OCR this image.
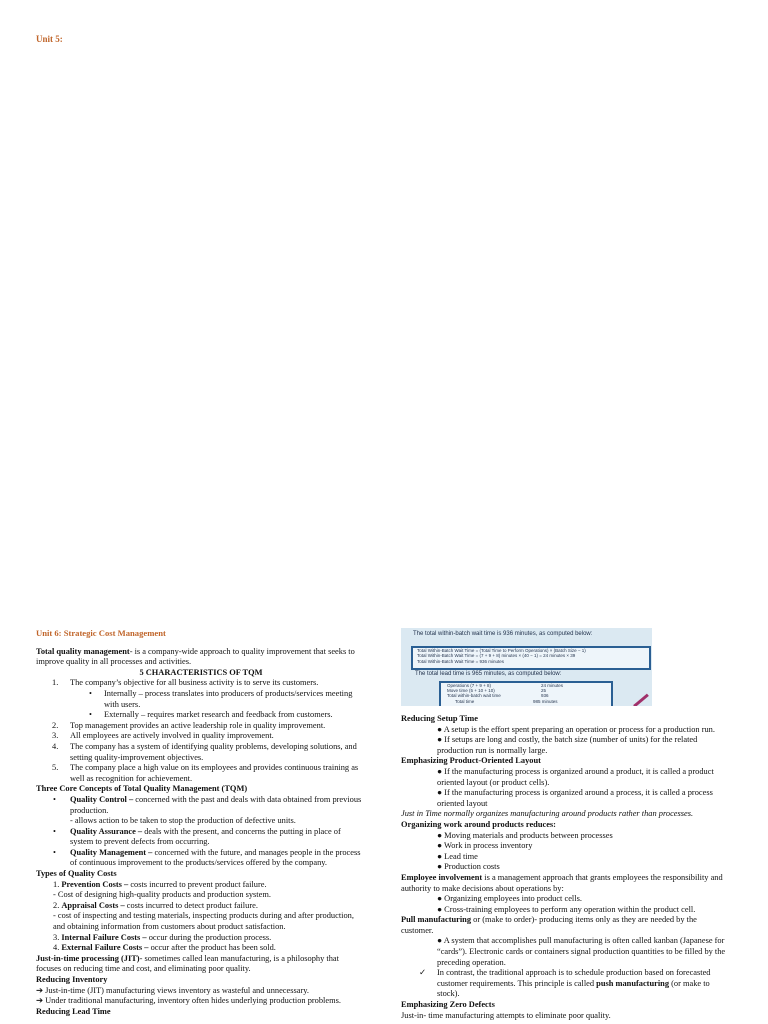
Unit 5:
Unit 6: Strategic Cost Management

Total quality management- is a company-wide approach to quality improvement that seeks to improve quality in all processes and activities.

5 CHARACTERISTICS OF TQM
1. The company’s objective for all business activity is to serve its customers.
• Internally – process translates into producers of products/services meeting with users.
• Externally – requires market research and feedback from customers.
2. Top management provides an active leadership role in quality improvement.
3. All employees are actively involved in quality improvement.
4. The company has a system of identifying quality problems, developing solutions, and setting quality-improvement objectives.
5. The company place a high value on its employees and provides continuous training as well as recognition for achievement.
Three Core Concepts of Total Quality Management (TQM)
• Quality Control – concerned with the past and deals with data obtained from previous production.
- allows action to be taken to stop the production of defective units.
• Quality Assurance – deals with the present, and concerns the putting in place of system to prevent defects from occurring.
• Quality Management – concerned with the future, and manages people in the process of continuous improvement to the products/services offered by the company.
Types of Quality Costs
1. Prevention Costs – costs incurred to prevent product failure.
- Cost of designing high-quality products and production system.
2. Appraisal Costs – costs incurred to detect product failure.
- cost of inspecting and testing materials, inspecting products during and after production, and obtaining information from customers about product satisfaction.
3. Internal Failure Costs – occur during the production process.
4. External Failure Costs – occur after the product has been sold.

Just-in-time processing (JIT)- sometimes called lean manufacturing, is a philosophy that focuses on reducing time and cost, and eliminating poor quality.

Reducing Inventory
➔ Just-in-time (JIT) manufacturing views inventory as wasteful and unnecessary.
➔ Under traditional manufacturing, inventory often hides underlying production problems.
Reducing Lead Time
The total within-batch wait time is 936 minutes, as computed below:
Total Within-Batch Wait Time = (Total Time to Perform Operations) × (Batch Size − 1)
Total Within-Batch Wait Time = (7 + 9 + 8) minutes × (40 − 1) = 24 minutes × 39
Total Within-Batch Wait Time = 936 minutes
The total lead time is 965 minutes, as computed below:
Operations (7 + 9 + 8)	24 minutes
Move time (5 + 10 + 10)	25
Total within-batch wait time	936
Total time	985 minutes
Reducing Setup Time
● A setup is the effort spent preparing an operation or process for a production run.
● If setups are long and costly, the batch size (number of units) for the related production run is normally large.
Emphasizing Product-Oriented Layout
● If the manufacturing process is organized around a product, it is called a product oriented layout (or product cells).
● If the manufacturing process is organized around a process, it is called a process oriented layout
Just in Time normally organizes manufacturing around products rather than processes.
Organizing work around products reduces:
● Moving materials and products between processes
● Work in process inventory
● Lead time
● Production costs

Employee involvement is a management approach that grants employees the responsibility and authority to make decisions about operations by:

● Organizing employees into product cells.
● Cross-training employees to perform any operation within the product cell.

Pull manufacturing or (make to order)- producing items only as they are needed by the customer.

● A system that accomplishes pull manufacturing is often called kanban (Japanese for “cards”). Electronic cards or containers signal production quantities to be filled by the preceding operation.
✓ In contrast, the traditional approach is to schedule production based on forecasted customer requirements. This principle is called push manufacturing (or make to stock).
Emphasizing Zero Defects
Just-in- time manufacturing attempts to eliminate poor quality.
